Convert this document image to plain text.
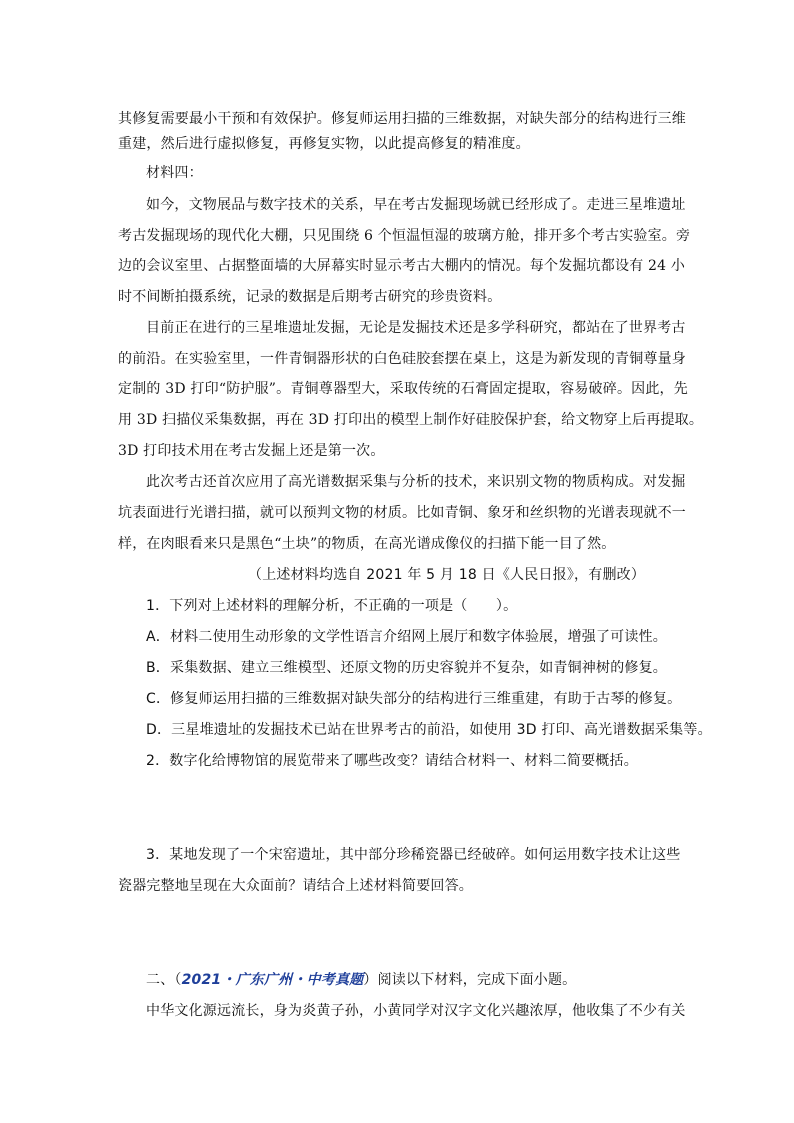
其修复需要最小干预和有效保护。修复师运用扫描的三维数据，对缺失部分的结构进行三维
重建，然后进行虚拟修复，再修复实物，以此提高修复的精准度。
材料四：
如今，文物展品与数字技术的关系，早在考古发掘现场就已经形成了。走进三星堆遗址
考古发掘现场的现代化大棚，只见围绕 6 个恒温恒湿的玻璃方舱，排开多个考古实验室。旁
边的会议室里、占据整面墙的大屏幕实时显示考古大棚内的情况。每个发掘坑都设有 24 小
时不间断拍摄系统，记录的数据是后期考古研究的珍贵资料。
目前正在进行的三星堆遗址发掘，无论是发掘技术还是多学科研究，都站在了世界考古
的前沿。在实验室里，一件青铜器形状的白色硅胶套摆在桌上，这是为新发现的青铜尊量身
定制的 3D 打印“防护服”。青铜尊器型大，采取传统的石膏固定提取，容易破碎。因此，先
用 3D 扫描仪采集数据，再在 3D 打印出的模型上制作好硅胶保护套，给文物穿上后再提取。
3D 打印技术用在考古发掘上还是第一次。
此次考古还首次应用了高光谱数据采集与分析的技术，来识别文物的物质构成。对发掘
坑表面进行光谱扫描，就可以预判文物的材质。比如青铜、象牙和丝织物的光谱表现就不一
样，在肉眼看来只是黑色“土块”的物质，在高光谱成像仪的扫描下能一目了然。
（上述材料均选自 2021 年 5 月 18 日《人民日报》，有删改）
1．下列对上述材料的理解分析，不正确的一项是（　　）。
A．材料二使用生动形象的文学性语言介绍网上展厅和数字体验展，增强了可读性。
B．采集数据、建立三维模型、还原文物的历史容貌并不复杂，如青铜神树的修复。
C．修复师运用扫描的三维数据对缺失部分的结构进行三维重建，有助于古琴的修复。
D．三星堆遗址的发掘技术已站在世界考古的前沿，如使用 3D 打印、高光谱数据采集等。
2．数字化给博物馆的展览带来了哪些改变？请结合材料一、材料二简要概括。
3．某地发现了一个宋窑遗址，其中部分珍稀瓷器已经破碎。如何运用数字技术让这些
瓷器完整地呈现在大众面前？请结合上述材料简要回答。
二、（2021・广东广州・中考真题）阅读以下材料，完成下面小题。
中华文化源远流长，身为炎黄子孙，小黄同学对汉字文化兴趣浓厚，他收集了不少有关
